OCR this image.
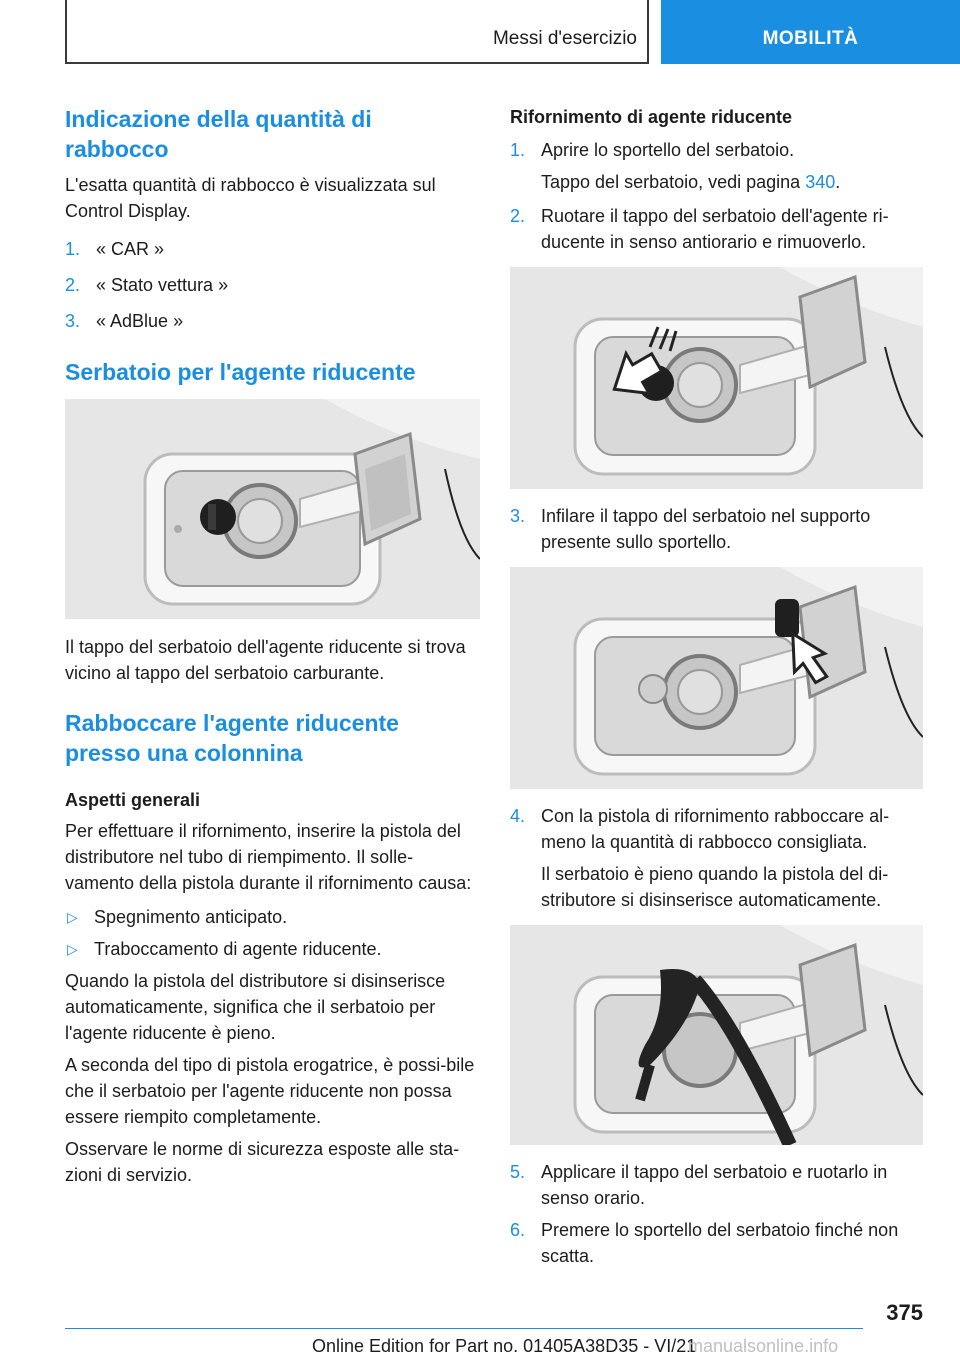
Messi d'esercizio	MOBILITÀ
Indicazione della quantità di rabbocco

L'esatta quantità di rabbocco è visualizzata sul Control Display.

1. « CAR »
2. « Stato vettura »
3. « AdBlue »
Serbatoio per l'agente riducente

Il tappo del serbatoio dell'agente riducente si trova vicino al tappo del serbatoio carburante.

Rabboccare l'agente riducente presso una colonnina
Aspetti generali

Per effettuare il rifornimento, inserire la pistola del distributore nel tubo di riempimento. Il solle-vamento della pistola durante il rifornimento causa:

▷ Spegnimento anticipato.
▷ Traboccamento di agente riducente.

Quando la pistola del distributore si disinserisce automaticamente, significa che il serbatoio per l'agente riducente è pieno.

A seconda del tipo di pistola erogatrice, è possi-bile che il serbatoio per l'agente riducente non possa essere riempito completamente.

Osservare le norme di sicurezza esposte alle sta-zioni di servizio.

Rifornimento di agente riducente
1. Aprire lo sportello del serbatoio.
Tappo del serbatoio, vedi pagina 340.
2. Ruotare il tappo del serbatoio dell'agente ri-ducente in senso antiorario e rimuoverlo.
3. Infilare il tappo del serbatoio nel supporto presente sullo sportello.
4. Con la pistola di rifornimento rabboccare al-meno la quantità di rabbocco consigliata.
Il serbatoio è pieno quando la pistola del di-stributore si disinserisce automaticamente.
5. Applicare il tappo del serbatoio e ruotarlo in senso orario.
6. Premere lo sportello del serbatoio finché non scatta.
375
Online Edition for Part no. 01405A38D35 - VI/21
manualsonline.info
